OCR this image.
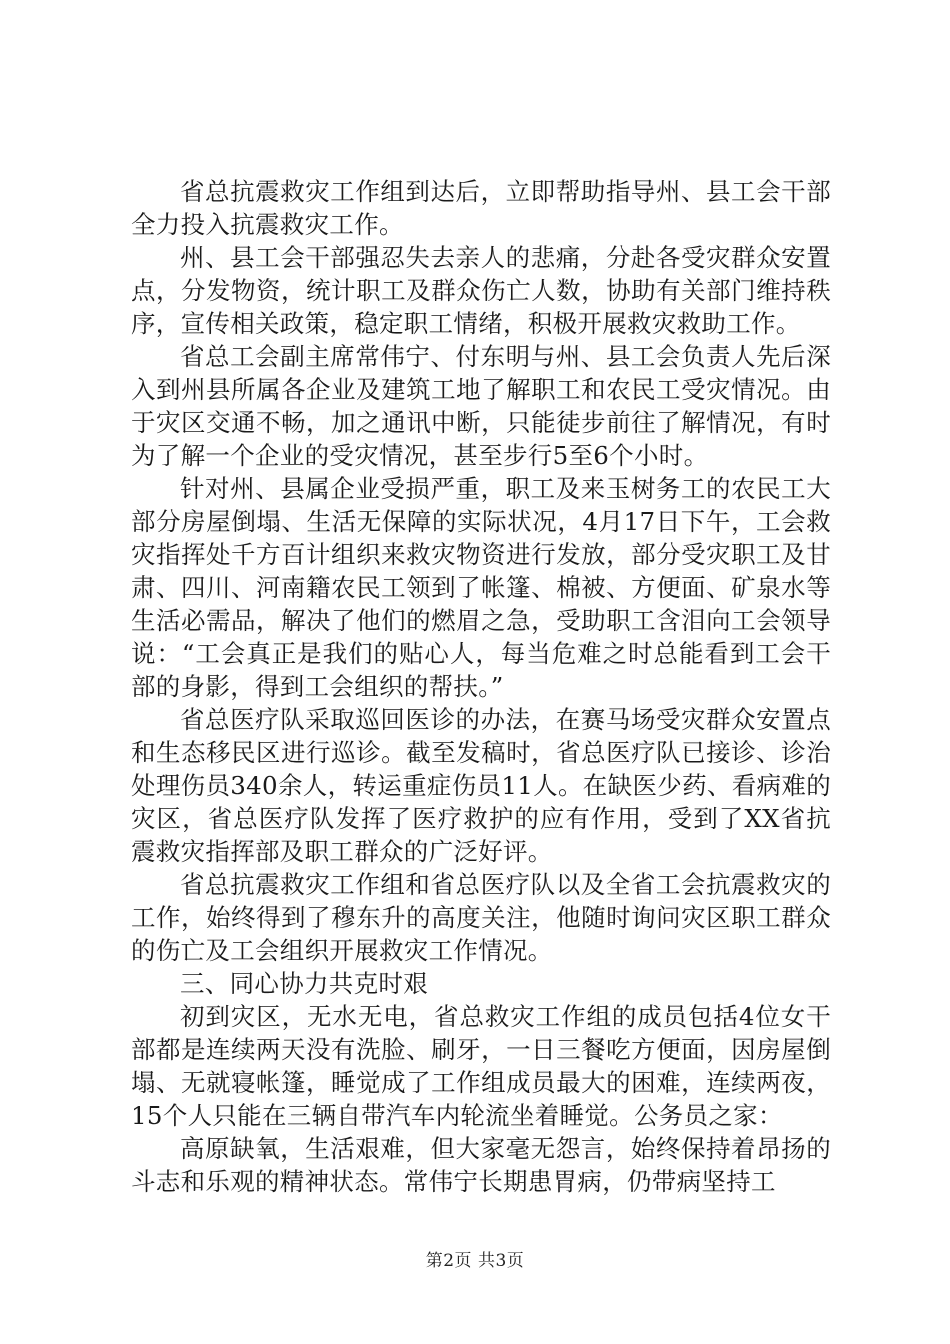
省总抗震救灾工作组到达后，立即帮助指导州、县工会干部全力投入抗震救灾工作。

州、县工会干部强忍失去亲人的悲痛，分赴各受灾群众安置点，分发物资，统计职工及群众伤亡人数，协助有关部门维持秩序，宣传相关政策，稳定职工情绪，积极开展救灾救助工作。

省总工会副主席常伟宁、付东明与州、县工会负责人先后深入到州县所属各企业及建筑工地了解职工和农民工受灾情况。由于灾区交通不畅，加之通讯中断，只能徒步前往了解情况，有时为了解一个企业的受灾情况，甚至步行5至6个小时。

针对州、县属企业受损严重，职工及来玉树务工的农民工大部分房屋倒塌、生活无保障的实际状况，4月17日下午，工会救灾指挥处千方百计组织来救灾物资进行发放，部分受灾职工及甘肃、四川、河南籍农民工领到了帐篷、棉被、方便面、矿泉水等生活必需品，解决了他们的燃眉之急，受助职工含泪向工会领导说：“工会真正是我们的贴心人，每当危难之时总能看到工会干部的身影，得到工会组织的帮扶。”

省总医疗队采取巡回医诊的办法，在赛马场受灾群众安置点和生态移民区进行巡诊。截至发稿时，省总医疗队已接诊、诊治处理伤员340余人，转运重症伤员11人。在缺医少药、看病难的灾区，省总医疗队发挥了医疗救护的应有作用，受到了XX省抗震救灾指挥部及职工群众的广泛好评。

省总抗震救灾工作组和省总医疗队以及全省工会抗震救灾的工作，始终得到了穆东升的高度关注，他随时询问灾区职工群众的伤亡及工会组织开展救灾工作情况。

三、同心协力共克时艰

初到灾区，无水无电，省总救灾工作组的成员包括4位女干部都是连续两天没有洗脸、刷牙，一日三餐吃方便面，因房屋倒塌、无就寝帐篷，睡觉成了工作组成员最大的困难，连续两夜，15个人只能在三辆自带汽车内轮流坐着睡觉。公务员之家：

高原缺氧，生活艰难，但大家毫无怨言，始终保持着昂扬的斗志和乐观的精神状态。常伟宁长期患胃病，仍带病坚持工

第2页 共3页
